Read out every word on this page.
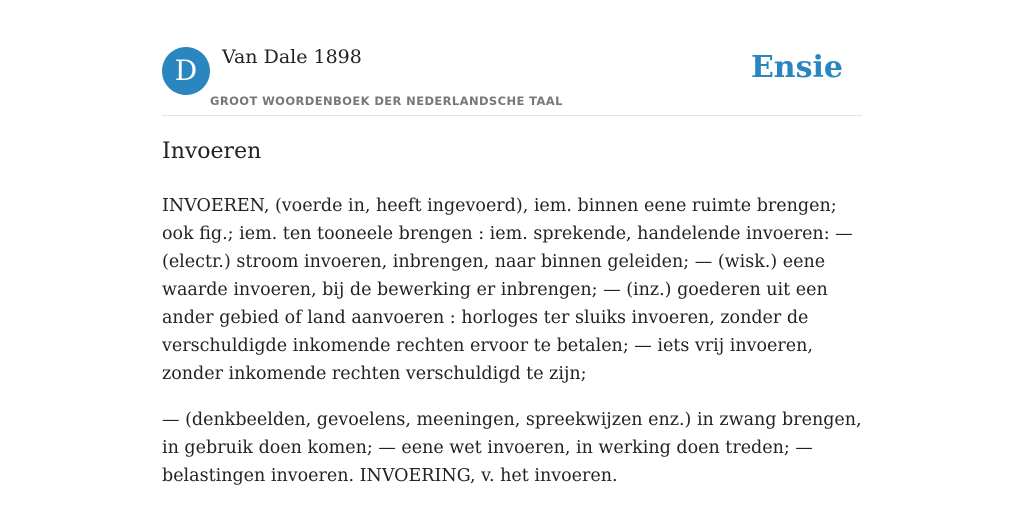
D Van Dale 1898
GROOT WOORDENBOEK DER NEDERLANDSCHE TAAL
Ensie
Invoeren

INVOEREN, (voerde in, heeft ingevoerd), iem. binnen eene ruimte brengen; ook fig.; iem. ten tooneele brengen : iem. sprekende, handelende invoeren: — (electr.) stroom invoeren, inbrengen, naar binnen geleiden; — (wisk.) eene waarde invoeren, bij de bewerking er inbrengen; — (inz.) goederen uit een ander gebied of land aanvoeren : horloges ter sluiks invoeren, zonder de verschuldigde inkomende rechten ervoor te betalen; — iets vrij invoeren, zonder inkomende rechten verschuldigd te zijn;

— (denkbeelden, gevoelens, meeningen, spreekwijzen enz.) in zwang brengen, in gebruik doen komen; — eene wet invoeren, in werking doen treden; — belastingen invoeren. INVOERING, v. het invoeren.
